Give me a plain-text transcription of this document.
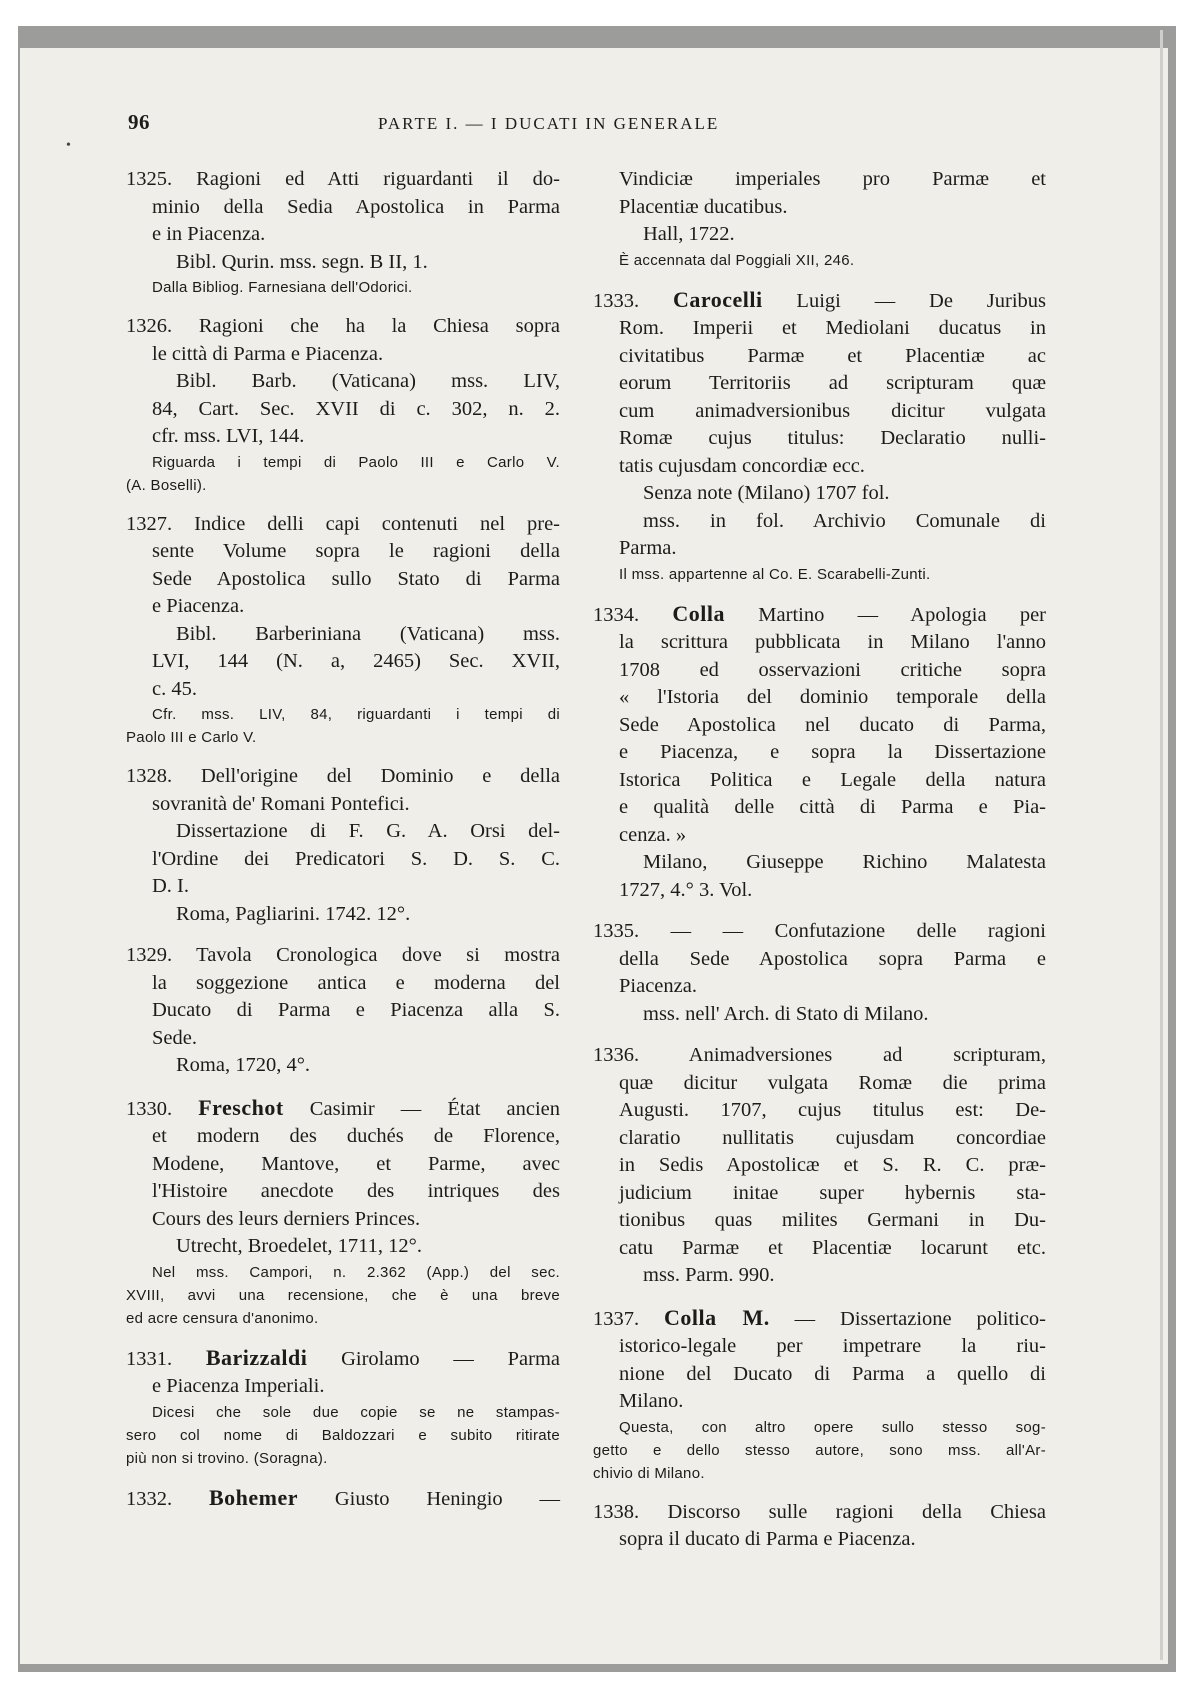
96	PARTE I. — I DUCATI IN GENERALE
•
1325. Ragioni ed Atti riguardanti il do-
minio della Sedia Apostolica in Parma
e in Piacenza.
Bibl. Qurin. mss. segn. B II, 1.
Dalla Bibliog. Farnesiana dell'Odorici.
1326. Ragioni che ha la Chiesa sopra
le città di Parma e Piacenza.
Bibl. Barb. (Vaticana) mss. LIV,
84, Cart. Sec. XVII di c. 302, n. 2.
cfr. mss. LVI, 144.
Riguarda i tempi di Paolo III e Carlo V.
(A. Boselli).
1327. Indice delli capi contenuti nel pre-
sente Volume sopra le ragioni della
Sede Apostolica sullo Stato di Parma
e Piacenza.
Bibl. Barberiniana (Vaticana) mss.
LVI, 144 (N. a, 2465) Sec. XVII,
c. 45.
Cfr. mss. LIV, 84, riguardanti i tempi di
Paolo III e Carlo V.
1328. Dell'origine del Dominio e della
sovranità de' Romani Pontefici.
Dissertazione di F. G. A. Orsi del-
l'Ordine dei Predicatori S. D. S. C.
D. I.
Roma, Pagliarini. 1742. 12°.
1329. Tavola Cronologica dove si mostra
la soggezione antica e moderna del
Ducato di Parma e Piacenza alla S.
Sede.
Roma, 1720, 4°.
1330. Freschot Casimir — État ancien
et modern des duchés de Florence,
Modene, Mantove, et Parme, avec
l'Histoire anecdote des intriques des
Cours des leurs derniers Princes.
Utrecht, Broedelet, 1711, 12°.
Nel mss. Campori, n. 2.362 (App.) del sec.
XVIII, avvi una recensione, che è una breve
ed acre censura d'anonimo.
1331. Barizzaldi Girolamo — Parma
e Piacenza Imperiali.
Dicesi che sole due copie se ne stampas-
sero col nome di Baldozzari e subito ritirate
più non si trovino. (Soragna).
1332. Bohemer Giusto Heningio —
Vindiciæ imperiales pro Parmæ et
Placentiæ ducatibus.
Hall, 1722.
È accennata dal Poggiali XII, 246.
1333. Carocelli Luigi — De Juribus
Rom. Imperii et Mediolani ducatus in
civitatibus Parmæ et Placentiæ ac
eorum Territoriis ad scripturam quæ
cum animadversionibus dicitur vulgata
Romæ cujus titulus: Declaratio nulli-
tatis cujusdam concordiæ ecc.
Senza note (Milano) 1707 fol.
mss. in fol. Archivio Comunale di
Parma.
Il mss. appartenne al Co. E. Scarabelli-Zunti.
1334. Colla Martino — Apologia per
la scrittura pubblicata in Milano l'anno
1708 ed osservazioni critiche sopra
« l'Istoria del dominio temporale della
Sede Apostolica nel ducato di Parma,
e Piacenza, e sopra la Dissertazione
Istorica Politica e Legale della natura
e qualità delle città di Parma e Pia-
cenza. »
Milano, Giuseppe Richino Malatesta
1727, 4.° 3. Vol.
1335. — — Confutazione delle ragioni
della Sede Apostolica sopra Parma e
Piacenza.
mss. nell' Arch. di Stato di Milano.
1336. Animadversiones ad scripturam,
quæ dicitur vulgata Romæ die prima
Augusti. 1707, cujus titulus est: De-
claratio nullitatis cujusdam concordiae
in Sedis Apostolicæ et S. R. C. præ-
judicium initae super hybernis sta-
tionibus quas milites Germani in Du-
catu Parmæ et Placentiæ locarunt etc.
mss. Parm. 990.
1337. Colla M. — Dissertazione politico-
istorico-legale per impetrare la riu-
nione del Ducato di Parma a quello di
Milano.
Questa, con altro opere sullo stesso sog-
getto e dello stesso autore, sono mss. all'Ar-
chivio di Milano.
1338. Discorso sulle ragioni della Chiesa
sopra il ducato di Parma e Piacenza.
